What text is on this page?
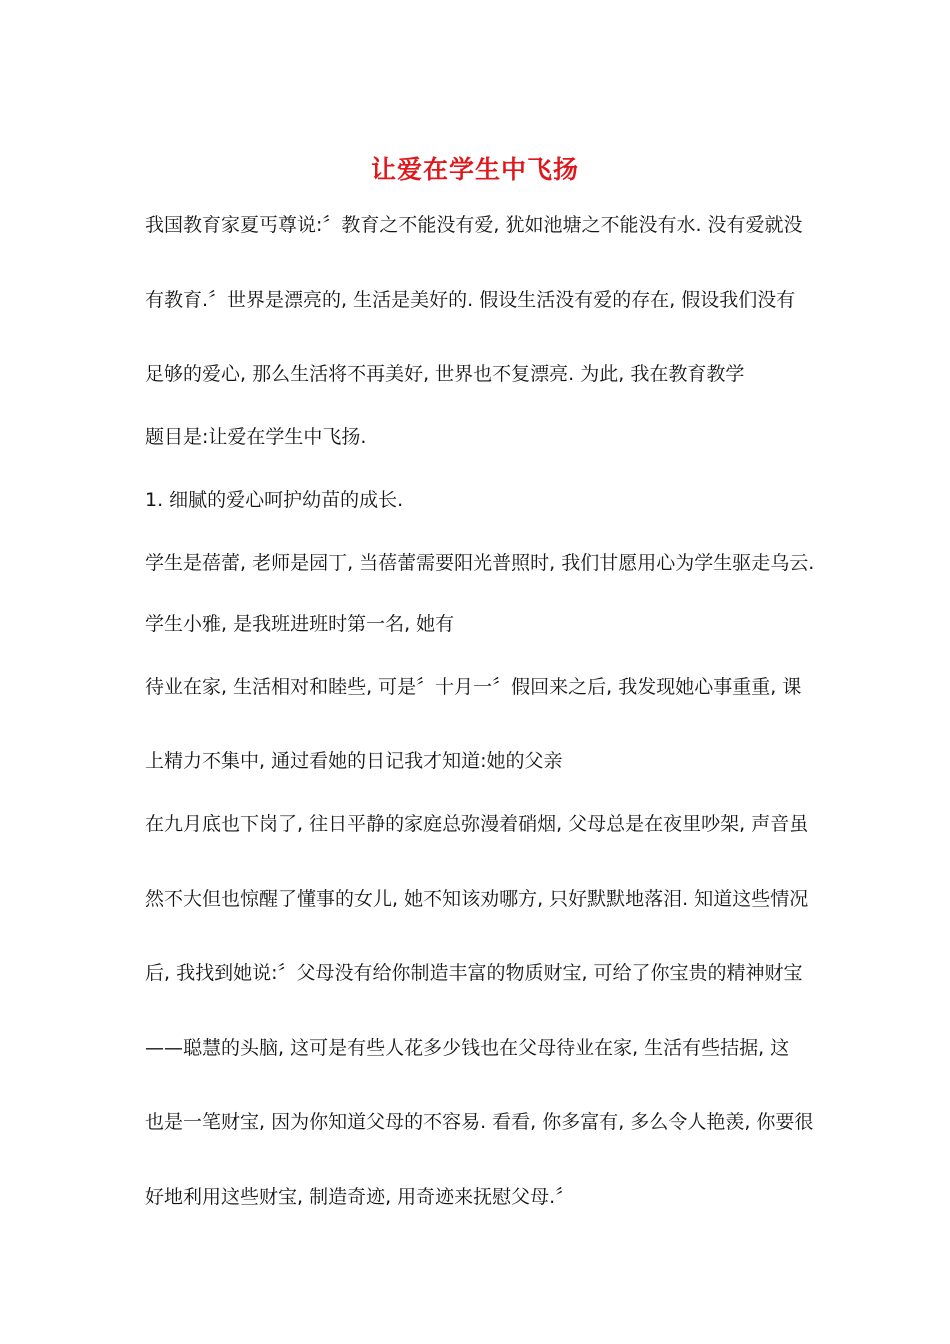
让爱在学生中飞扬
我国教育家夏丐尊说:〞教育之不能没有爱, 犹如池塘之不能没有水. 没有爱就没
有教育.〞世界是漂亮的, 生活是美好的. 假设生活没有爱的存在, 假设我们没有
足够的爱心, 那么生活将不再美好, 世界也不复漂亮. 为此, 我在教育教学
题目是:让爱在学生中飞扬.
1. 细腻的爱心呵护幼苗的成长.
学生是蓓蕾, 老师是园丁, 当蓓蕾需要阳光普照时, 我们甘愿用心为学生驱走乌云.
学生小雅, 是我班进班时第一名, 她有
待业在家, 生活相对和睦些, 可是〞十月一〞假回来之后, 我发现她心事重重, 课
上精力不集中, 通过看她的日记我才知道:她的父亲
在九月底也下岗了, 往日平静的家庭总弥漫着硝烟, 父母总是在夜里吵架, 声音虽
然不大但也惊醒了懂事的女儿, 她不知该劝哪方, 只好默默地落泪. 知道这些情况
后, 我找到她说:〞父母没有给你制造丰富的物质财宝, 可给了你宝贵的精神财宝
——聪慧的头脑, 这可是有些人花多少钱也在父母待业在家, 生活有些拮据, 这
也是一笔财宝, 因为你知道父母的不容易. 看看, 你多富有, 多么令人艳羡, 你要很
好地利用这些财宝, 制造奇迹, 用奇迹来抚慰父母.〞
